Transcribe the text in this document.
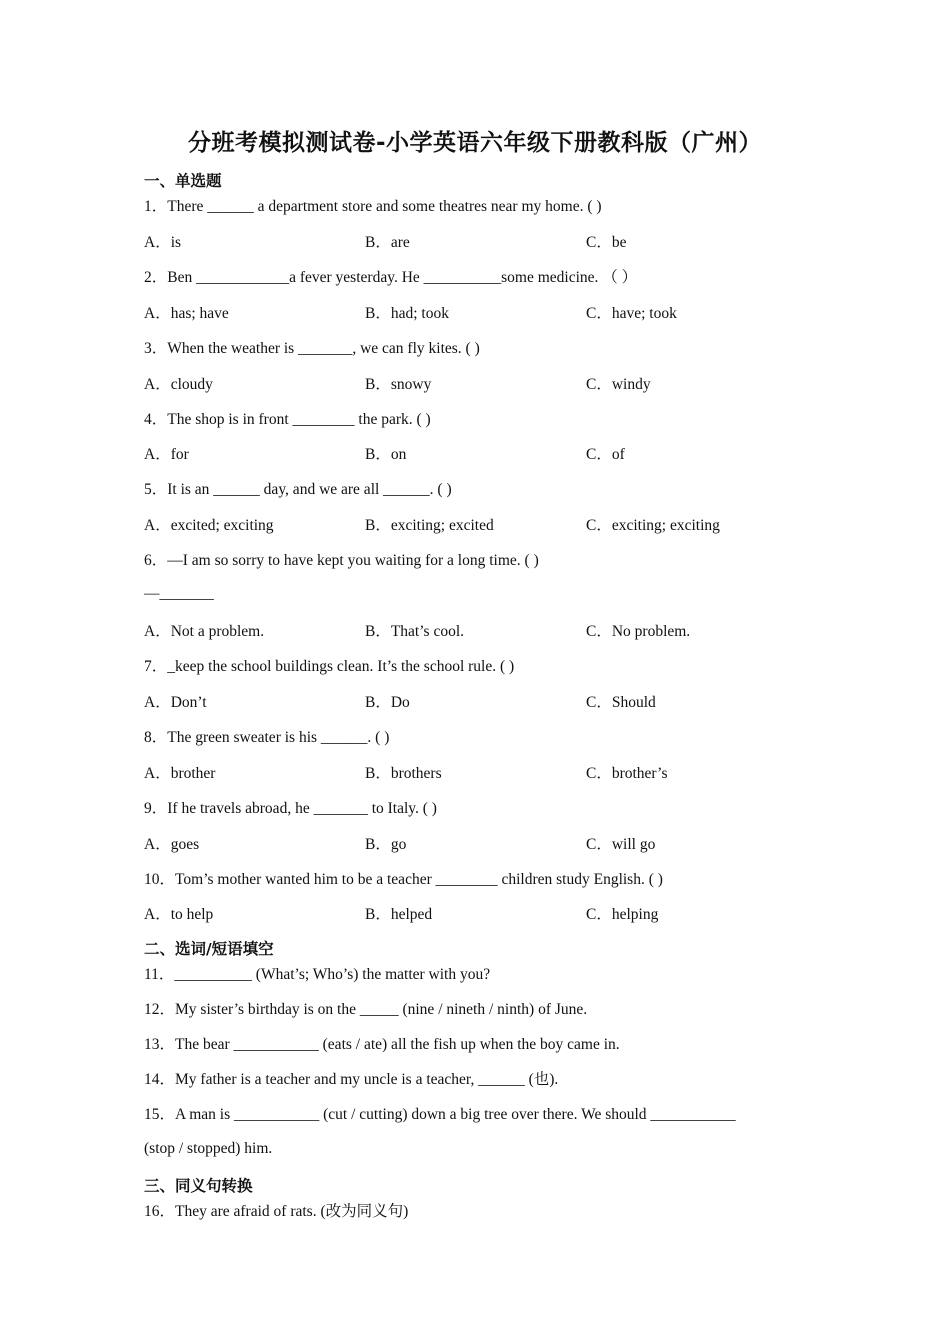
分班考模拟测试卷-小学英语六年级下册教科版（广州）
一、单选题
1．There ______ a department store and some theatres near my home. ( )
A．is	B．are	C．be
2．Ben ____________a fever yesterday. He __________some medicine. （ ）
A．has; have	B．had; took	C．have; took
3．When the weather is _______, we can fly kites. ( )
A．cloudy	B．snowy	C．windy
4．The shop is in front ________ the park. ( )
A．for	B．on	C．of
5．It is an ______ day, and we are all ______. ( )
A．excited; exciting	B．exciting; excited	C．exciting; exciting
6．—I am so sorry to have kept you waiting for a long time. ( )
—_______
A．Not a problem.	B．That’s cool.	C．No problem.
7．_keep the school buildings clean. It’s the school rule. ( )
A．Don’t	B．Do	C．Should
8．The green sweater is his ______. ( )
A．brother	B．brothers	C．brother’s
9．If he travels abroad, he _______ to Italy. ( )
A．goes	B．go	C．will go
10．Tom’s mother wanted him to be a teacher ________ children study English. ( )
A．to help	B．helped	C．helping
二、选词/短语填空
11．__________ (What’s; Who’s) the matter with you?
12．My sister’s birthday is on the _____ (nine / nineth / ninth) of June.
13．The bear ___________ (eats / ate) all the fish up when the boy came in.
14．My father is a teacher and my uncle is a teacher, ______ (也).
15．A man is ___________ (cut / cutting) down a big tree over there. We should ___________
(stop / stopped) him.
三、同义句转换
16．They are afraid of rats. (改为同义句)
